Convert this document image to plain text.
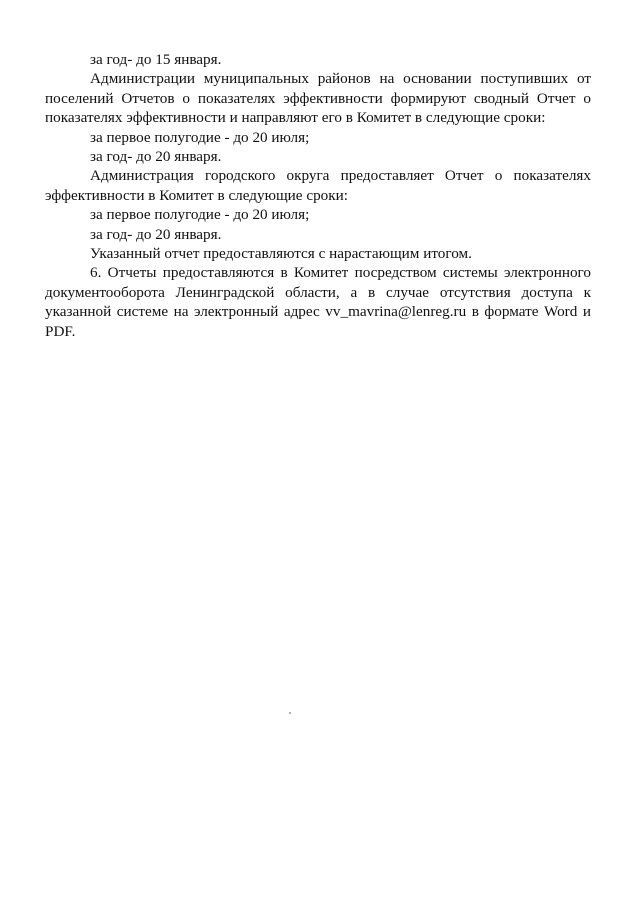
за год- до 15 января.

Администрации муниципальных районов на основании поступивших от поселений Отчетов о показателях эффективности формируют сводный Отчет о показателях эффективности и направляют его в Комитет в следующие сроки:

за первое полугодие - до 20 июля;

за год- до 20 января.

Администрация городского округа предоставляет Отчет о показателях эффективности в Комитет в следующие сроки:

за первое полугодие - до 20 июля;

за год- до 20 января.

Указанный отчет предоставляются с нарастающим итогом.

6. Отчеты предоставляются в Комитет посредством системы электронного документооборота Ленинградской области, а в случае отсутствия доступа к указанной системе на электронный адрес vv_mavrina@lenreg.ru в формате Word и PDF.
